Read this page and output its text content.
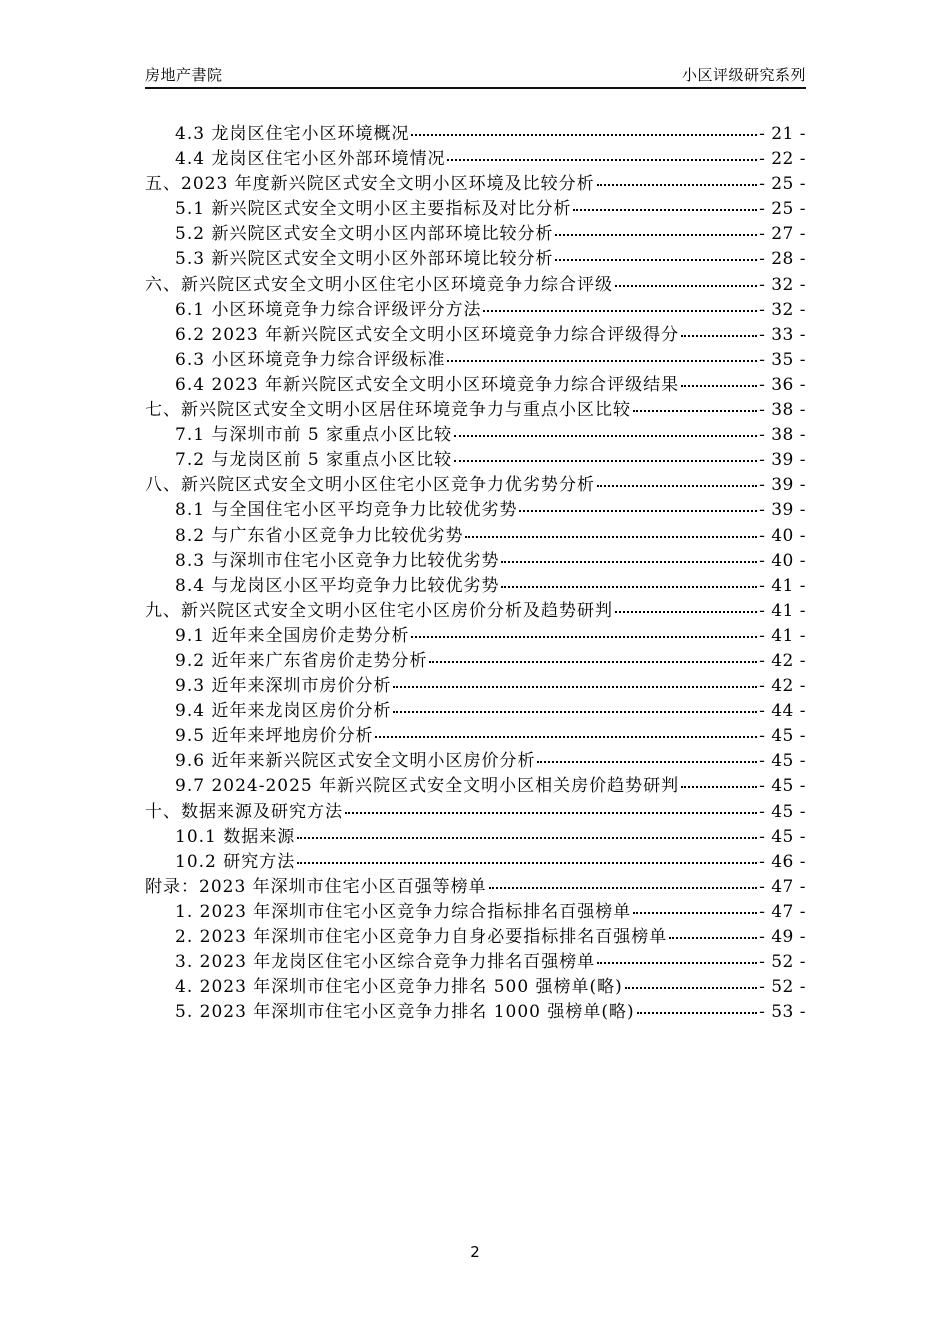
房地产書院	小区评级研究系列
4.3 龙岗区住宅小区环境概况	- 21 -
4.4 龙岗区住宅小区外部环境情况	- 22 -
五、2023 年度新兴院区式安全文明小区环境及比较分析	- 25 -
5.1 新兴院区式安全文明小区主要指标及对比分析	- 25 -
5.2 新兴院区式安全文明小区内部环境比较分析	- 27 -
5.3 新兴院区式安全文明小区外部环境比较分析	- 28 -
六、新兴院区式安全文明小区住宅小区环境竞争力综合评级	- 32 -
6.1 小区环境竞争力综合评级评分方法	- 32 -
6.2 2023 年新兴院区式安全文明小区环境竞争力综合评级得分	- 33 -
6.3 小区环境竞争力综合评级标准	- 35 -
6.4 2023 年新兴院区式安全文明小区环境竞争力综合评级结果	- 36 -
七、新兴院区式安全文明小区居住环境竞争力与重点小区比较	- 38 -
7.1 与深圳市前 5 家重点小区比较	- 38 -
7.2 与龙岗区前 5 家重点小区比较	- 39 -
八、新兴院区式安全文明小区住宅小区竞争力优劣势分析	- 39 -
8.1 与全国住宅小区平均竞争力比较优劣势	- 39 -
8.2 与广东省小区竞争力比较优劣势	- 40 -
8.3 与深圳市住宅小区竞争力比较优劣势	- 40 -
8.4 与龙岗区小区平均竞争力比较优劣势	- 41 -
九、新兴院区式安全文明小区住宅小区房价分析及趋势研判	- 41 -
9.1 近年来全国房价走势分析	- 41 -
9.2 近年来广东省房价走势分析	- 42 -
9.3 近年来深圳市房价分析	- 42 -
9.4 近年来龙岗区房价分析	- 44 -
9.5 近年来坪地房价分析	- 45 -
9.6 近年来新兴院区式安全文明小区房价分析	- 45 -
9.7 2024-2025 年新兴院区式安全文明小区相关房价趋势研判	- 45 -
十、数据来源及研究方法	- 45 -
10.1 数据来源	- 45 -
10.2 研究方法	- 46 -
附录：2023 年深圳市住宅小区百强等榜单	- 47 -
1. 2023 年深圳市住宅小区竞争力综合指标排名百强榜单	- 47 -
2. 2023 年深圳市住宅小区竞争力自身必要指标排名百强榜单	- 49 -
3. 2023 年龙岗区住宅小区综合竞争力排名百强榜单	- 52 -
4. 2023 年深圳市住宅小区竞争力排名 500 强榜单(略)	- 52 -
5. 2023 年深圳市住宅小区竞争力排名 1000 强榜单(略)	- 53 -
2
